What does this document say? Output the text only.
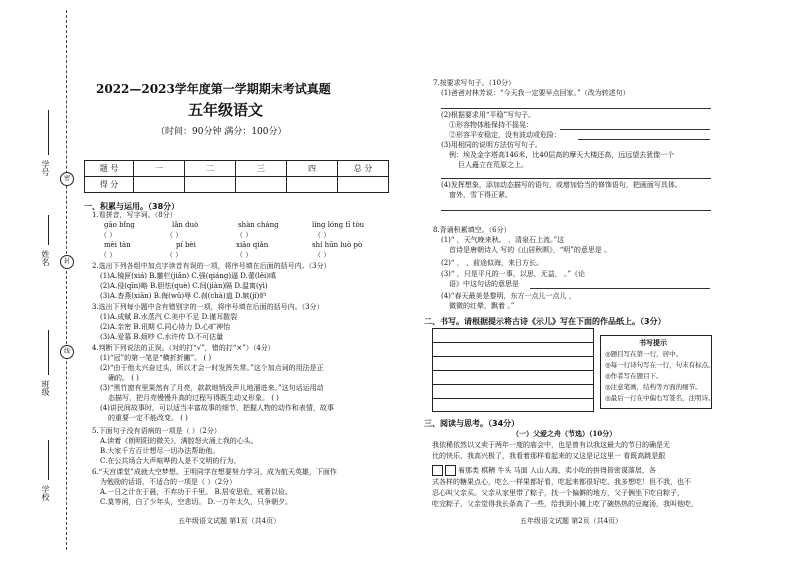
学号
姓名
班级
学校
密
封
线
2022—2023学年度第一学期期末考试真题
五年级语文
（时间：90分钟 满分：100分）
题 号	一	二	三	四	总 分
得 分					
一、积累与运用。（38分）
1.看拼音，写字词。（8分）
gāo bǐng	lǎn duò	shàn cháng	líng lóng tī tòu
（ ）	（ ）	（ ）	（ ）
mèi tàn	pí bèi	xiāo qiǎn	shí hūn luò pò
（ ）	（ ）	（ ）	（ ）
2.选出下列各组中加点字读音有误的一项，将序号填在后面的括号内。（3分）
(1)A.镜匣(xiá) B.雕栏(jiǎn) C.强(qiáng)逼 D.蕾(lěi)嗔
(2)A.侵(qīn)略 B.胆怯(què) C.间(jiàn)隔 D.温寓(yì)
(3)A.杳燕(xiān) B.侮(wǔ)辱 C.刹(chà)道 D.嫉(jí)炉
3.选出下列每小题中含有错别字的一项，将序号填在后面的括号内。（3分）
(1)A.成赋 B.水蒸汽 C.美中不足 D.谨耳散裂
(2)A.亲密 B.讯期 C.同心协力 D.心旷神怡
(3)A.爱慕 B.烦吵 C.水许传 D.不可估量
4.判断下列说法的正误。（对的打“√”，错的打“×”）（4分）
(1)“冠”的第一笔是“横折折撇”。 ( )
(2)“由于他太兴奋过头，所以才会一时发挥失常。”这个加点词的用法是正
确的。 ( )
(3)“黑竹窗有里果然有了月亮，款款地悄没声儿地溜进来。”这句话运用动
态描写，把月亮慢慢升高的过程写得既生动又形象。 ( )
(4)讲民间故事时，可以适当丰富故事的细节，把握人物的动作和表情，故事
的重要一定不能改变。 ( )
5.下面句子没有语病的一项是（ ）（2分）
A.读着《朗明阳的微关》，满腔怒火涌上我的心头。
B.大家千方百计想尽一切办法帮助他。
C.在公共场合大声喧哗的人是不文明的行为。
6.“天宫课堂”成就大空梦想。王明同学在想要努力学习，成为航天英雄，下面作
为勉励的话语，不适合的一项是（ ）（2分）
A.一日之计在于晨，不弃功于千里。 B.居安思危，戒奢以俭。
C.莫等闲，白了少年头，空悲切。 D.一万年太久，只争朝夕。
五年级语文试题 第1页（共4页）
7.按要求写句子。（10分）
(1)爸爸对林芳说：“今天我一定要早点回家。”（改为转述句）
(2)根据要求用“平稳”写句子。
①形容物体能保持不摇晃：
②形容平安稳定，没有波动或危险：
(3)用相同的说明方法仿写句子。
例：埃及金字塔高146米，比40层高的摩天大楼还高，远远望去犹像一个
巨人矗立在荒原之上。
(4)发挥想象，添加动态描写的语句，或增加恰当的修饰语句，把画面写具体。
窗外，雪下得正紧。
8.背诵积累填空。（6分）
(1)“ ，天气晚来秋。 ，清泉石上流。”这
首诗是唐朝诗人 写的《山居秋暝》，“明”的意思是 。
(2)“ ， ，前途似海，来日方长。
(3)“ ，只是平凡的一事，以思，无益， 。”《论
语》中这句话的意思是
(4)“春天最美是黎明，东方一点儿一点儿 ，
微微的红晕，飘着 。”
二、书写。请根据提示将古诗《示儿》写在下面的作品纸上。（3分）
书写提示
◎题目写在第一行，居中。
◎每一行诗句写在一行，句末有标点。
◎作者写在题目下。
◎注意笔画，结构等方面的细节。
◎最后一行在中偏右写签名，注明诗。
三、阅读与思考。（34分）
（一）父爱之舟（节选）（10分）
我依稀依然以又卖于两年一度的庙会中，也是曾有以我这最大的节日的确是无
比的快乐，我高兴极了，我看着那样看起来的又这是记这里一 看既高跳是跟
看那类 棋精 牛头 马面 人山人海，卖小吃的拼得皆密谋落居，各
式各样的糖果点心，吃么一样果都好看，吃起来都很好吃，我多想吃！但不我，也不
忍心叫父亲买。父亲从家里带了粽子，找一个偏僻的地方，父子俩坐下吃自粽子，
吃完粽子，父亲觉得我长条高了一些，给我到小摊上吃了碗热热的豆腐汤，我叫他吃，
五年级语文试题 第2页（共4页）
